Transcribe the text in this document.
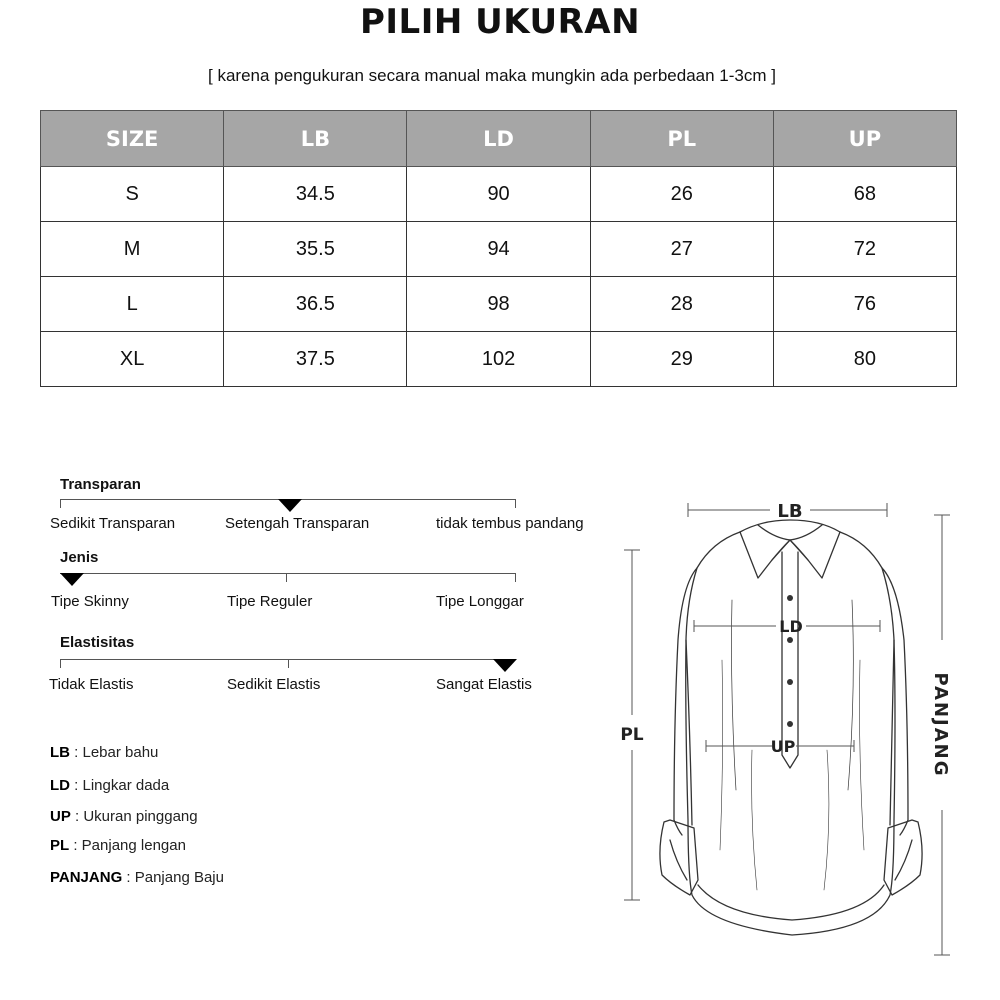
PILIH UKURAN
[ karena pengukuran secara manual maka mungkin ada perbedaan 1-3cm ]
SIZE	LB	LD	PL	UP
S	34.5	90	26	68
M	35.5	94	27	72
L	36.5	98	28	76
XL	37.5	102	29	80
Transparan
Sedikit Transparan	Setengah Transparan	tidak tembus pandang
Jenis
Tipe Skinny	Tipe Reguler	Tipe Longgar
Elastisitas
Tidak Elastis	Sedikit Elastis	Sangat Elastis
LB : Lebar bahu
LD : Lingkar dada
UP : Ukuran pinggang
PL : Panjang lengan
PANJANG : Panjang Baju
LB
LD
UP
PL	PANJANG
